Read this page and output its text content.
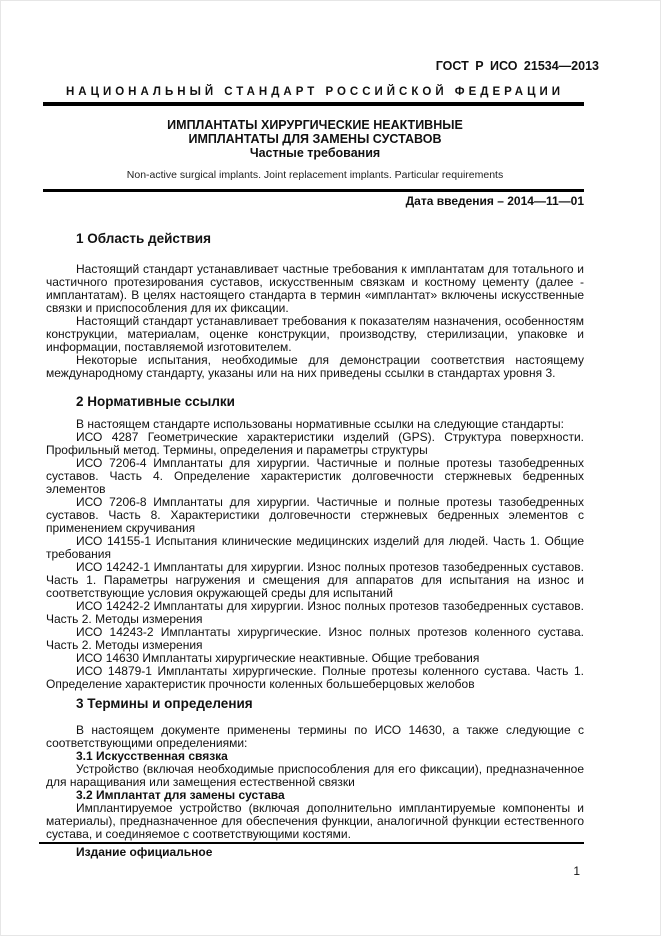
ГОСТ Р ИСО 21534—2013
НАЦИОНАЛЬНЫЙ СТАНДАРТ РОССИЙСКОЙ ФЕДЕРАЦИИ
ИМПЛАНТАТЫ ХИРУРГИЧЕСКИЕ НЕАКТИВНЫЕ
ИМПЛАНТАТЫ ДЛЯ ЗАМЕНЫ СУСТАВОВ
Частные требования
Non-active surgical implants. Joint replacement implants. Particular requirements
Дата введения – 2014—11—01
1 Область действия

Настоящий стандарт устанавливает частные требования к имплантатам для тотального и частичного протезирования суставов, искусственным связкам и костному цементу (далее - имплантатам). В целях настоящего стандарта в термин «имплантат» включены искусственные связки и приспособления для их фиксации.

Настоящий стандарт устанавливает требования к показателям назначения, особенностям конструкции, материалам, оценке конструкции, производству, стерилизации, упаковке и информации, поставляемой изготовителем.

Некоторые испытания, необходимые для демонстрации соответствия настоящему международному стандарту, указаны или на них приведены ссылки в стандартах уровня 3.

2 Нормативные ссылки

В настоящем стандарте использованы нормативные ссылки на следующие стандарты:

ИСО 4287 Геометрические характеристики изделий (GPS). Структура поверхности. Профильный метод. Термины, определения и параметры структуры

ИСО 7206-4 Имплантаты для хирургии. Частичные и полные протезы тазобедренных суставов. Часть 4. Определение характеристик долговечности стержневых бедренных элементов

ИСО 7206-8 Имплантаты для хирургии. Частичные и полные протезы тазобедренных суставов. Часть 8. Характеристики долговечности стержневых бедренных элементов с применением скручивания

ИСО 14155-1 Испытания клинические медицинских изделий для людей. Часть 1. Общие требования

ИСО 14242-1 Имплантаты для хирургии. Износ полных протезов тазобедренных суставов. Часть 1. Параметры нагружения и смещения для аппаратов для испытания на износ и соответствующие условия окружающей среды для испытаний

ИСО 14242-2 Имплантаты для хирургии. Износ полных протезов тазобедренных суставов. Часть 2. Методы измерения

ИСО 14243-2 Имплантаты хирургические. Износ полных протезов коленного сустава. Часть 2. Методы измерения

ИСО 14630 Имплантаты хирургические неактивные. Общие требования

ИСО 14879-1 Имплантаты хирургические. Полные протезы коленного сустава. Часть 1. Определение характеристик прочности коленных большеберцовых желобов

3 Термины и определения

В настоящем документе применены термины по ИСО 14630, а также следующие с соответствующими определениями:

3.1 Искусственная связка

Устройство (включая необходимые приспособления для его фиксации), предназначенное для наращивания или замещения естественной связки

3.2 Имплантат для замены сустава

Имплантируемое устройство (включая дополнительно имплантируемые компоненты и материалы), предназначенное для обеспечения функции, аналогичной функции естественного сустава, и соединяемое с соответствующими костями.

Издание официальное

1
